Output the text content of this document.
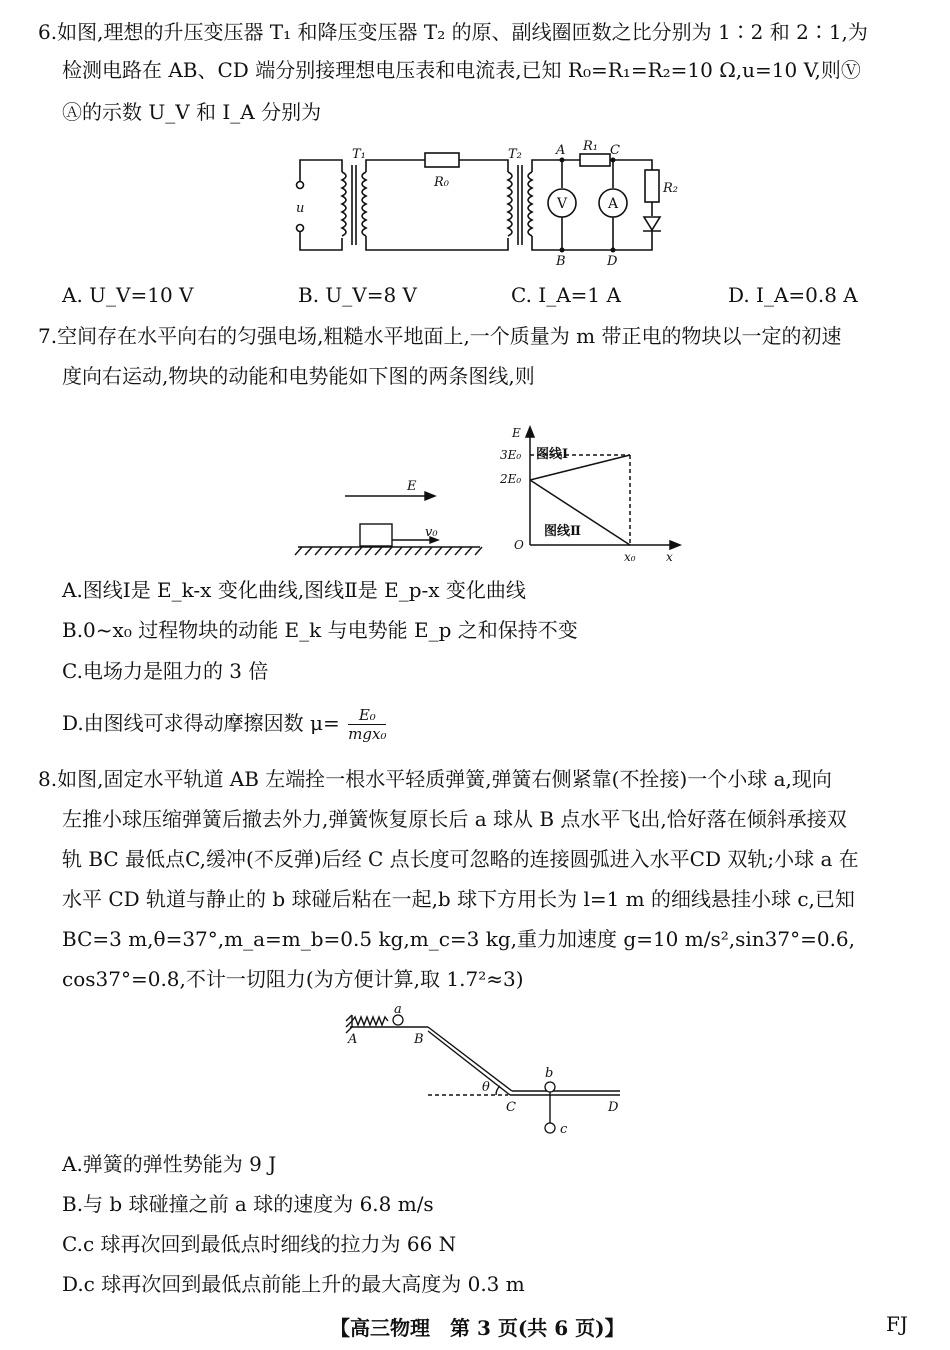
6.如图,理想的升压变压器 T₁ 和降压变压器 T₂ 的原、副线圈匝数之比分别为 1∶2 和 2∶1,为
检测电路在 AB、CD 端分别接理想电压表和电流表,已知 R₀=R₁=R₂=10 Ω,u=10 V,则Ⓥ
Ⓐ的示数 U_V 和 I_A 分别为
T₁	T₂
R₀
R₁
R₂
u
A
B
C
D
V	A
A. U_V=10 V	B. U_V=8 V	C. I_A=1 A	D. I_A=0.8 A
7.空间存在水平向右的匀强电场,粗糙水平地面上,一个质量为 m 带正电的物块以一定的初速
度向右运动,物块的动能和电势能如下图的两条图线,则
E
v₀
E
3E₀
2E₀
O
x₀	x
图线Ⅰ
图线Ⅱ
A.图线Ⅰ是 E_k-x 变化曲线,图线Ⅱ是 E_p-x 变化曲线
B.0~x₀ 过程物块的动能 E_k 与电势能 E_p 之和保持不变
C.电场力是阻力的 3 倍
D.由图线可求得动摩擦因数 μ=	E₀
mgx₀
8.如图,固定水平轨道 AB 左端拴一根水平轻质弹簧,弹簧右侧紧靠(不拴接)一个小球 a,现向
左推小球压缩弹簧后撤去外力,弹簧恢复原长后 a 球从 B 点水平飞出,恰好落在倾斜承接双
轨 BC 最低点C,缓冲(不反弹)后经 C 点长度可忽略的连接圆弧进入水平CD 双轨;小球 a 在
水平 CD 轨道与静止的 b 球碰后粘在一起,b 球下方用长为 l=1 m 的细线悬挂小球 c,已知
BC=3 m,θ=37°,m_a=m_b=0.5 kg,m_c=3 kg,重力加速度 g=10 m/s²,sin37°=0.6,
cos37°=0.8,不计一切阻力(为方便计算,取 1.7²≈3)
a
b
c
A	B
C	D
θ
A.弹簧的弹性势能为 9 J
B.与 b 球碰撞之前 a 球的速度为 6.8 m/s
C.c 球再次回到最低点时细线的拉力为 66 N
D.c 球再次回到最低点前能上升的最大高度为 0.3 m
【高三物理　第 3 页(共 6 页)】	FJ
